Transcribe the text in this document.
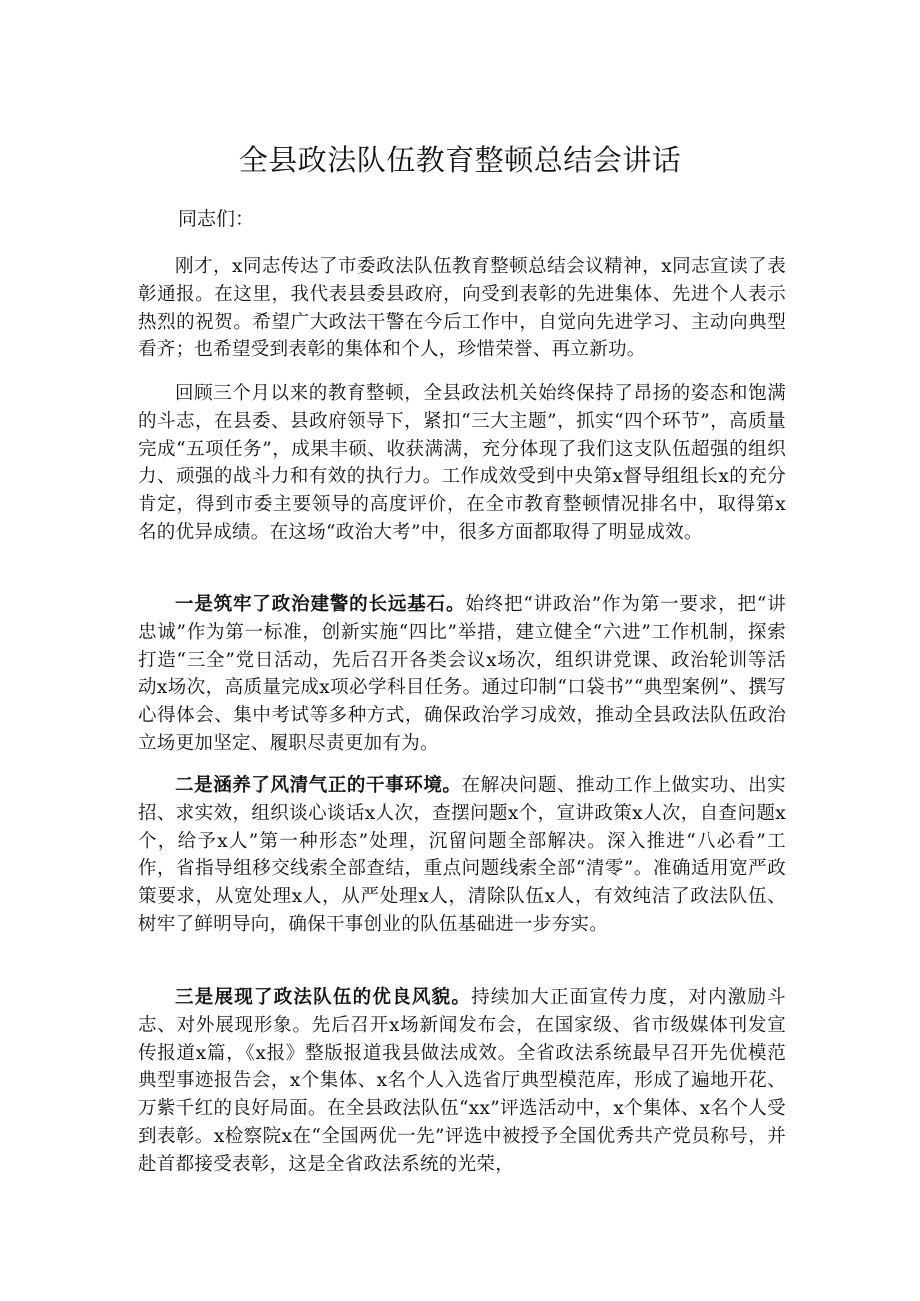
全县政法队伍教育整顿总结会讲话

同志们：

刚才，x同志传达了市委政法队伍教育整顿总结会议精神，x同志宣读了表彰通报。在这里，我代表县委县政府，向受到表彰的先进集体、先进个人表示热烈的祝贺。希望广大政法干警在今后工作中，自觉向先进学习、主动向典型看齐；也希望受到表彰的集体和个人，珍惜荣誉、再立新功。

回顾三个月以来的教育整顿，全县政法机关始终保持了昂扬的姿态和饱满的斗志，在县委、县政府领导下，紧扣“三大主题”，抓实“四个环节”，高质量完成“五项任务”，成果丰硕、收获满满，充分体现了我们这支队伍超强的组织力、顽强的战斗力和有效的执行力。工作成效受到中央第x督导组组长x的充分肯定，得到市委主要领导的高度评价，在全市教育整顿情况排名中，取得第x名的优异成绩。在这场“政治大考”中，很多方面都取得了明显成效。

一是筑牢了政治建警的长远基石。始终把“讲政治”作为第一要求，把“讲忠诚”作为第一标准，创新实施“四比”举措，建立健全“六进”工作机制，探索打造“三全”党日活动，先后召开各类会议x场次，组织讲党课、政治轮训等活动x场次，高质量完成x项必学科目任务。通过印制“口袋书”“典型案例”、撰写心得体会、集中考试等多种方式，确保政治学习成效，推动全县政法队伍政治立场更加坚定、履职尽责更加有为。

二是涵养了风清气正的干事环境。在解决问题、推动工作上做实功、出实招、求实效，组织谈心谈话x人次，查摆问题x个，宣讲政策x人次，自查问题x个，给予x人”第一种形态”处理，沉留问题全部解决。深入推进“八必看”工作，省指导组移交线索全部查结，重点问题线索全部“清零”。准确适用宽严政策要求，从宽处理x人，从严处理x人，清除队伍x人，有效纯洁了政法队伍、树牢了鲜明导向，确保干事创业的队伍基础进一步夯实。

三是展现了政法队伍的优良风貌。持续加大正面宣传力度，对内激励斗志、对外展现形象。先后召开x场新闻发布会，在国家级、省市级媒体刊发宣传报道x篇，《x报》整版报道我县做法成效。全省政法系统最早召开先优模范典型事迹报告会，x个集体、x名个人入选省厅典型模范库，形成了遍地开花、万紫千红的良好局面。在全县政法队伍“xx”评选活动中，x个集体、x名个人受到表彰。x检察院x在“全国两优一先”评选中被授予全国优秀共产党员称号，并赴首都接受表彰，这是全省政法系统的光荣，
